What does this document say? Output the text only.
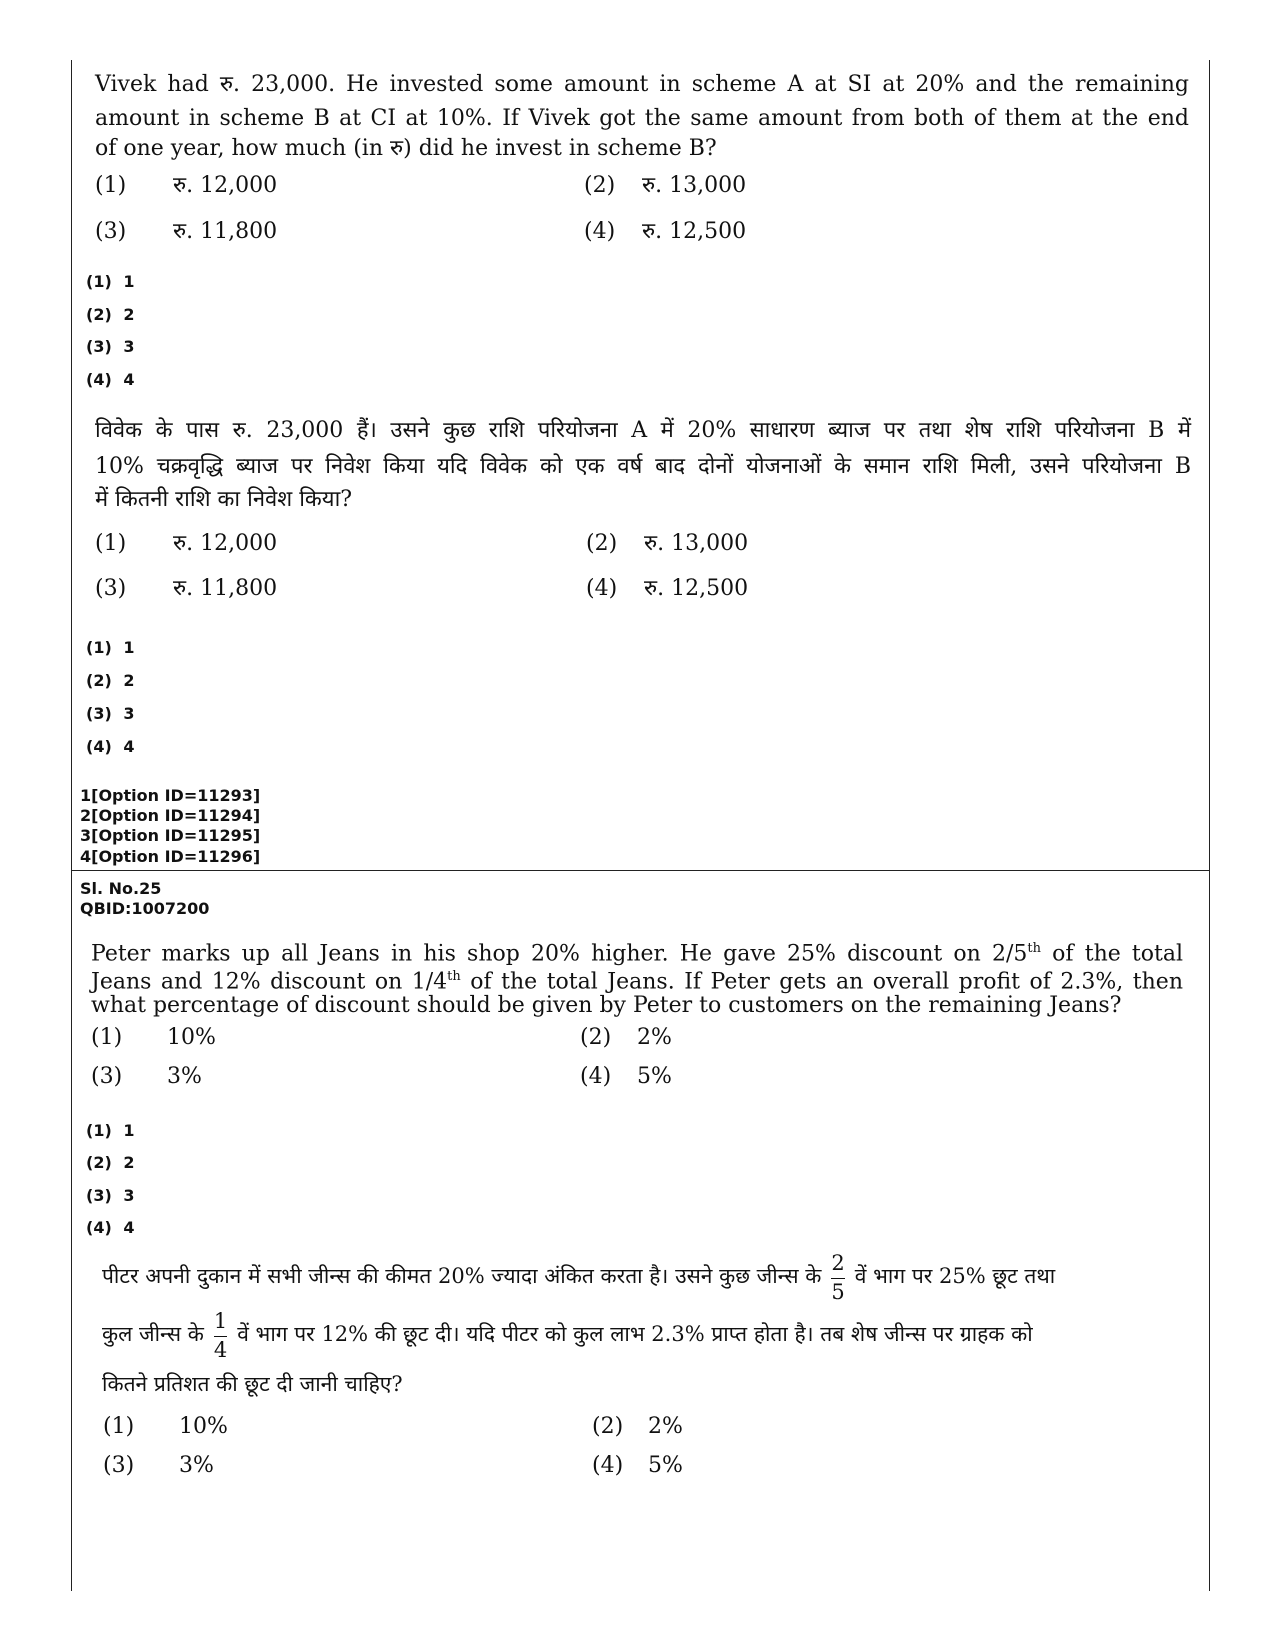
Vivek had रु. 23,000. He invested some amount in scheme A at SI at 20% and the remaining
amount in scheme B at CI at 10%. If Vivek got the same amount from both of them at the end
of one year, how much (in रु) did he invest in scheme B?
(1) रु. 12,000	(2) रु. 13,000
(3) रु. 11,800	(4) रु. 12,500
(1) 1
(2) 2
(3) 3
(4) 4
विवेक के पास रु. 23,000 हैं। उसने कुछ राशि परियोजना A में 20% साधारण ब्याज पर तथा शेष राशि परियोजना B में
10% चक्रवृद्धि ब्याज पर निवेश किया यदि विवेक को एक वर्ष बाद दोनों योजनाओं के समान राशि मिली, उसने परियोजना B
में कितनी राशि का निवेश किया?
(1) रु. 12,000	(2) रु. 13,000
(3) रु. 11,800	(4) रु. 12,500
(1) 1
(2) 2
(3) 3
(4) 4
1[Option ID=11293]
2[Option ID=11294]
3[Option ID=11295]
4[Option ID=11296]
Sl. No.25
QBID:1007200
Peter marks up all Jeans in his shop 20% higher. He gave 25% discount on 2/5th of the total
Jeans and 12% discount on 1/4th of the total Jeans. If Peter gets an overall profit of 2.3%, then
what percentage of discount should be given by Peter to customers on the remaining Jeans?
(1) 10%	(2) 2%
(3) 3%	(4) 5%
(1) 1
(2) 2
(3) 3
(4) 4
पीटर अपनी दुकान में सभी जीन्स की कीमत 20% ज्यादा अंकित करता है। उसने कुछ जीन्स के $\frac{2}{5}$ वें भाग पर 25% छूट तथा
कुल जीन्स के $\frac{1}{4}$ वें भाग पर 12% की छूट दी। यदि पीटर को कुल लाभ 2.3% प्राप्त होता है। तब शेष जीन्स पर ग्राहक को
कितने प्रतिशत की छूट दी जानी चाहिए?
(1) 10%	(2) 2%
(3) 3%	(4) 5%
